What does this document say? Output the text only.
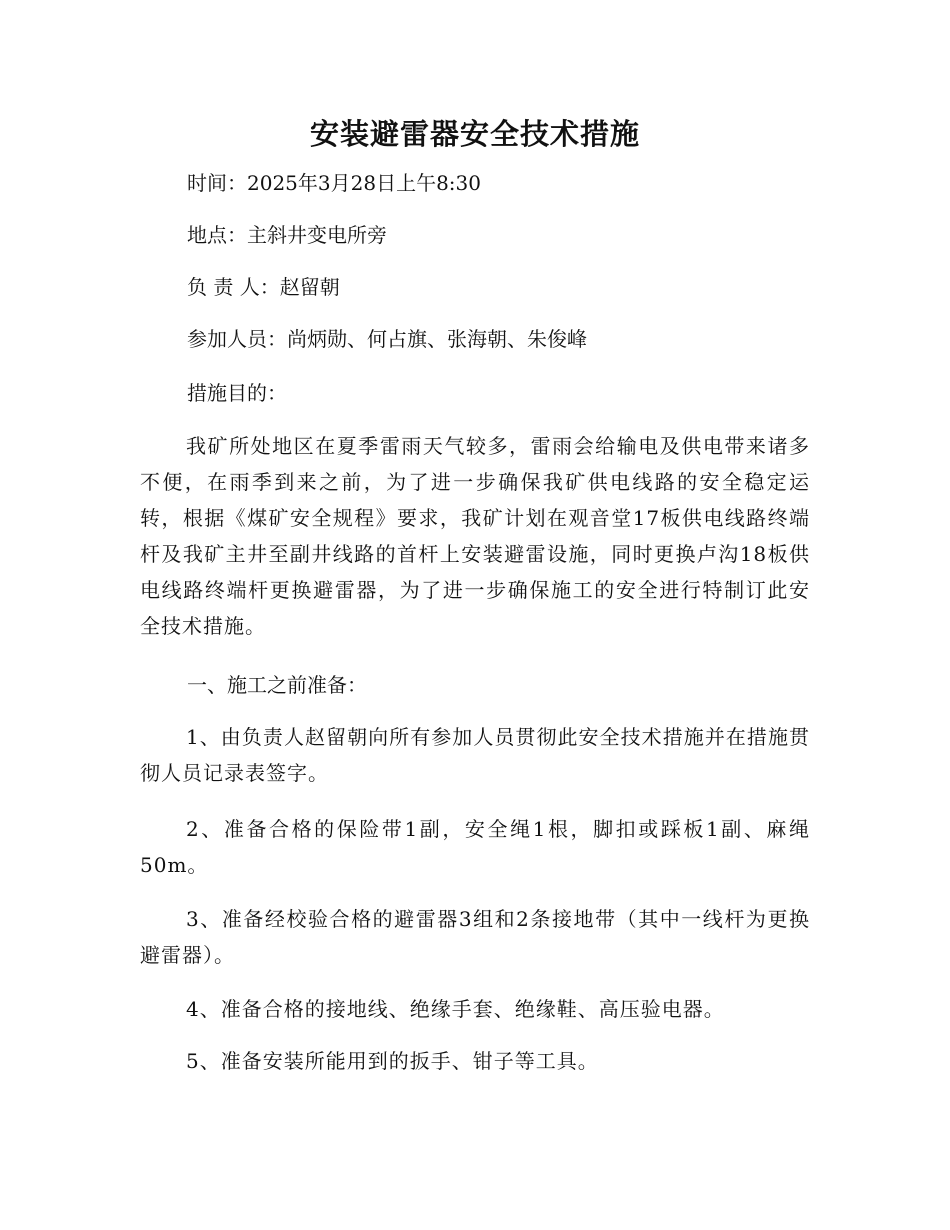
安装避雷器安全技术措施
时间：2025年3月28日上午8:30
地点：主斜井变电所旁
负 责 人：赵留朝
参加人员：尚炳勋、何占旗、张海朝、朱俊峰
措施目的：

我矿所处地区在夏季雷雨天气较多，雷雨会给输电及供电带来诸多不便，在雨季到来之前，为了进一步确保我矿供电线路的安全稳定运转，根据《煤矿安全规程》要求，我矿计划在观音堂17板供电线路终端杆及我矿主井至副井线路的首杆上安装避雷设施，同时更换卢沟18板供电线路终端杆更换避雷器，为了进一步确保施工的安全进行特制订此安全技术措施。

一、施工之前准备：

1、由负责人赵留朝向所有参加人员贯彻此安全技术措施并在措施贯彻人员记录表签字。

2、准备合格的保险带1副，安全绳1根，脚扣或踩板1副、麻绳50m。

3、准备经校验合格的避雷器3组和2条接地带（其中一线杆为更换避雷器）。

4、准备合格的接地线、绝缘手套、绝缘鞋、高压验电器。

5、准备安装所能用到的扳手、钳子等工具。
